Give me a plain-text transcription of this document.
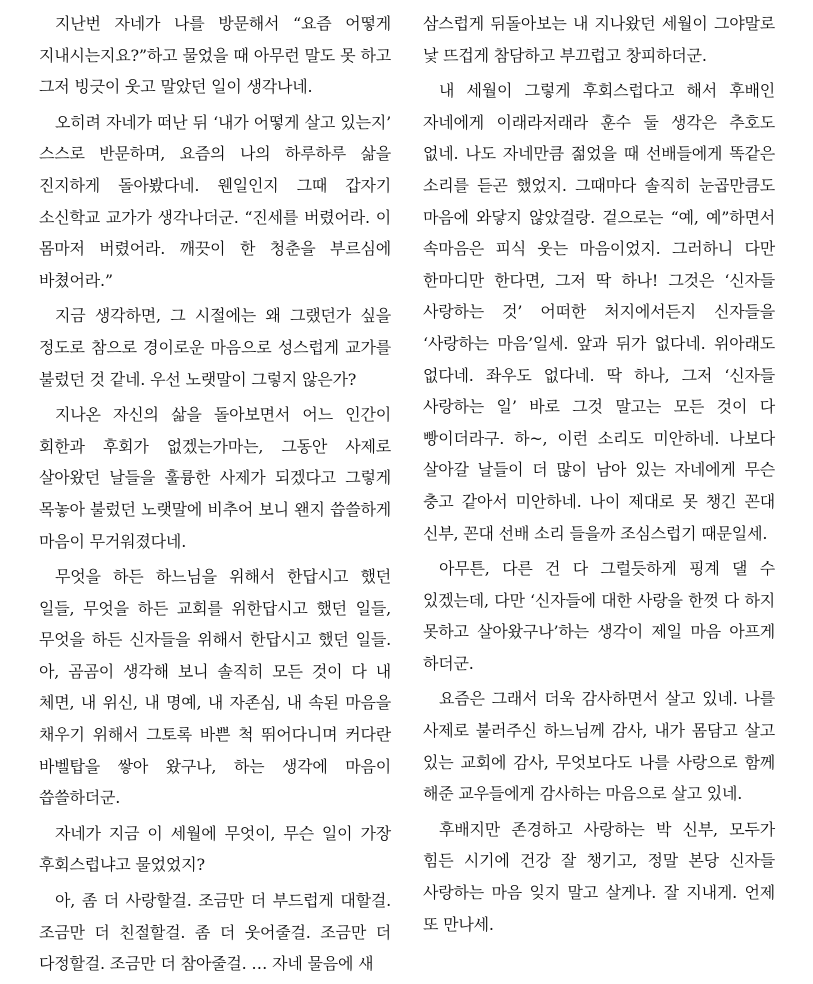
지난번 자네가 나를 방문해서 “요즘 어떻게 지내시는지요?”하고 물었을 때 아무런 말도 못 하고 그저 빙긋이 웃고 말았던 일이 생각나네.

오히려 자네가 떠난 뒤 ‘내가 어떻게 살고 있는지’ 스스로 반문하며, 요즘의 나의 하루하루 삶을 진지하게 돌아봤다네. 웬일인지 그때 갑자기 소신학교 교가가 생각나더군. “진세를 버렸어라. 이 몸마저 버렸어라. 깨끗이 한 청춘을 부르심에 바쳤어라.”

지금 생각하면, 그 시절에는 왜 그랬던가 싶을 정도로 참으로 경이로운 마음으로 성스럽게 교가를 불렀던 것 같네. 우선 노랫말이 그렇지 않은가?

지나온 자신의 삶을 돌아보면서 어느 인간이 회한과 후회가 없겠는가마는, 그동안 사제로 살아왔던 날들을 훌륭한 사제가 되겠다고 그렇게 목놓아 불렀던 노랫말에 비추어 보니 왠지 씁쓸하게 마음이 무거워졌다네.

무엇을 하든 하느님을 위해서 한답시고 했던 일들, 무엇을 하든 교회를 위한답시고 했던 일들, 무엇을 하든 신자들을 위해서 한답시고 했던 일들. 아, 곰곰이 생각해 보니 솔직히 모든 것이 다 내 체면, 내 위신, 내 명예, 내 자존심, 내 속된 마음을 채우기 위해서 그토록 바쁜 척 뛰어다니며 커다란 바벨탑을 쌓아 왔구나, 하는 생각에 마음이 씁쓸하더군.

자네가 지금 이 세월에 무엇이, 무슨 일이 가장 후회스럽냐고 물었었지?

아, 좀 더 사랑할걸. 조금만 더 부드럽게 대할걸. 조금만 더 친절할걸. 좀 더 웃어줄걸. 조금만 더 다정할걸. 조금만 더 참아줄걸. … 자네 물음에 새

삼스럽게 뒤돌아보는 내 지나왔던 세월이 그야말로 낯 뜨겁게 참담하고 부끄럽고 창피하더군.

내 세월이 그렇게 후회스럽다고 해서 후배인 자네에게 이래라저래라 훈수 둘 생각은 추호도 없네. 나도 자네만큼 젊었을 때 선배들에게 똑같은 소리를 듣곤 했었지. 그때마다 솔직히 눈곱만큼도 마음에 와닿지 않았걸랑. 겉으로는 “예, 예”하면서 속마음은 피식 웃는 마음이었지. 그러하니 다만 한마디만 한다면, 그저 딱 하나! 그것은 ‘신자들 사랑하는 것’ 어떠한 처지에서든지 신자들을 ‘사랑하는 마음’일세. 앞과 뒤가 없다네. 위아래도 없다네. 좌우도 없다네. 딱 하나, 그저 ‘신자들 사랑하는 일’ 바로 그것 말고는 모든 것이 다 빵이더라구. 하~, 이런 소리도 미안하네. 나보다 살아갈 날들이 더 많이 남아 있는 자네에게 무슨 충고 같아서 미안하네. 나이 제대로 못 챙긴 꼰대 신부, 꼰대 선배 소리 들을까 조심스럽기 때문일세.

아무튼, 다른 건 다 그럴듯하게 핑계 댈 수 있겠는데, 다만 ‘신자들에 대한 사랑을 한껏 다 하지 못하고 살아왔구나’하는 생각이 제일 마음 아프게 하더군.

요즘은 그래서 더욱 감사하면서 살고 있네. 나를 사제로 불러주신 하느님께 감사, 내가 몸담고 살고 있는 교회에 감사, 무엇보다도 나를 사랑으로 함께 해준 교우들에게 감사하는 마음으로 살고 있네.

후배지만 존경하고 사랑하는 박 신부, 모두가 힘든 시기에 건강 잘 챙기고, 정말 본당 신자들 사랑하는 마음 잊지 말고 살게나. 잘 지내게. 언제 또 만나세.
